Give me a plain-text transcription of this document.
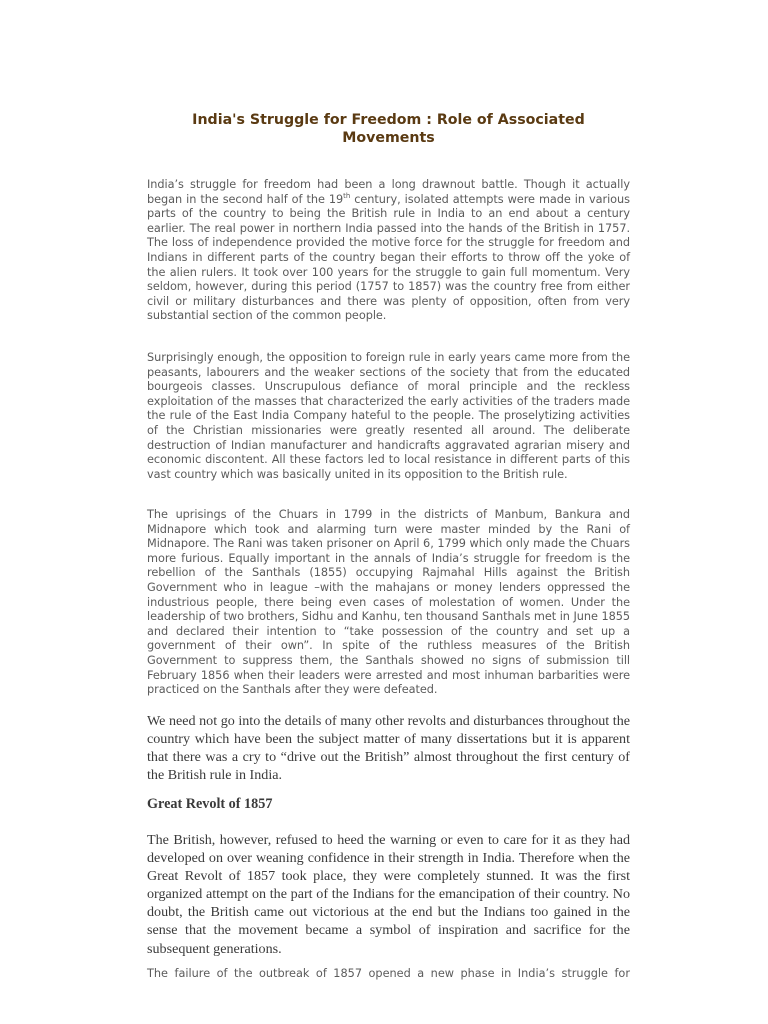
India's Struggle for Freedom : Role of Associated
Movements

India’s struggle for freedom had been a long drawnout battle. Though it actually began in the second half of the 19th century, isolated attempts were made in various parts of the country to being the British rule in India to an end about a century earlier. The real power in northern India passed into the hands of the British in 1757. The loss of independence provided the motive force for the struggle for freedom and Indians in different parts of the country began their efforts to throw off the yoke of the alien rulers. It took over 100 years for the struggle to gain full momentum. Very seldom, however, during this period (1757 to 1857) was the country free from either civil or military disturbances and there was plenty of opposition, often from very substantial section of the common people.

Surprisingly enough, the opposition to foreign rule in early years came more from the peasants, labourers and the weaker sections of the society that from the educated bourgeois classes. Unscrupulous defiance of moral principle and the reckless exploitation of the masses that characterized the early activities of the traders made the rule of the East India Company hateful to the people. The proselytizing activities of the Christian missionaries were greatly resented all around. The deliberate destruction of Indian manufacturer and handicrafts aggravated agrarian misery and economic discontent. All these factors led to local resistance in different parts of this vast country which was basically united in its opposition to the British rule.

The uprisings of the Chuars in 1799 in the districts of Manbum, Bankura and Midnapore which took and alarming turn were master minded by the Rani of Midnapore. The Rani was taken prisoner on April 6, 1799 which only made the Chuars more furious. Equally important in the annals of India’s struggle for freedom is the rebellion of the Santhals (1855) occupying Rajmahal Hills against the British Government who in league –with the mahajans or money lenders oppressed the industrious people, there being even cases of molestation of women. Under the leadership of two brothers, Sidhu and Kanhu, ten thousand Santhals met in June 1855 and declared their intention to “take possession of the country and set up a government of their own”. In spite of the ruthless measures of the British Government to suppress them, the Santhals showed no signs of submission till February 1856 when their leaders were arrested and most inhuman barbarities were practiced on the Santhals after they were defeated.

We need not go into the details of many other revolts and disturbances throughout the country which have been the subject matter of many dissertations but it is apparent that there was a cry to “drive out the British” almost throughout the first century of the British rule in India.

Great Revolt of 1857

The British, however, refused to heed the warning or even to care for it as they had developed on over weaning confidence in their strength in India. Therefore when the Great Revolt of 1857 took place, they were completely stunned. It was the first organized attempt on the part of the Indians for the emancipation of their country. No doubt, the British came out victorious at the end but the Indians too gained in the sense that the movement became a symbol of inspiration and sacrifice for the subsequent generations.

The failure of the outbreak of 1857 opened a new phase in India’s struggle for
